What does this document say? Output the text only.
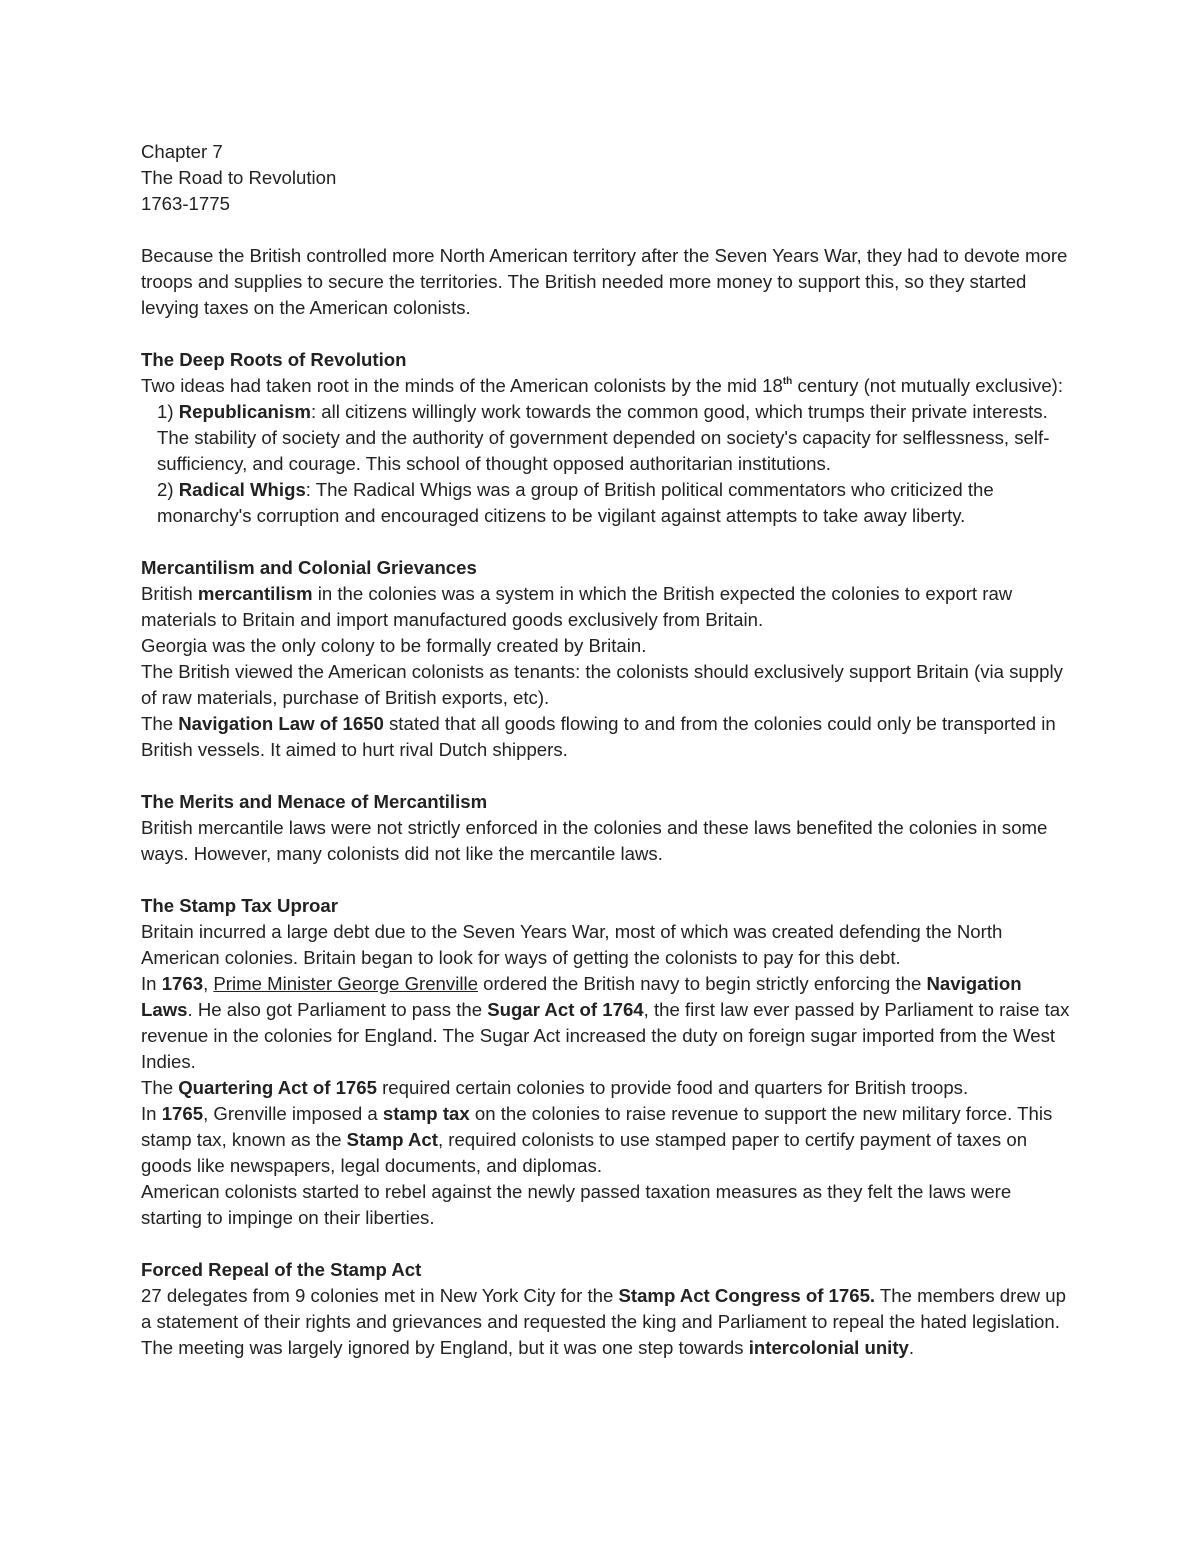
Chapter 7

The Road to Revolution

1763-1775

Because the British controlled more North American territory after the Seven Years War, they had to devote more troops and supplies to secure the territories. The British needed more money to support this, so they started levying taxes on the American colonists.

The Deep Roots of Revolution

Two ideas had taken root in the minds of the American colonists by the mid 18th century (not mutually exclusive):

1) Republicanism: all citizens willingly work towards the common good, which trumps their private interests. The stability of society and the authority of government depended on society's capacity for selflessness, self-sufficiency, and courage. This school of thought opposed authoritarian institutions.

2) Radical Whigs: The Radical Whigs was a group of British political commentators who criticized the monarchy's corruption and encouraged citizens to be vigilant against attempts to take away liberty.

Mercantilism and Colonial Grievances

British mercantilism in the colonies was a system in which the British expected the colonies to export raw materials to Britain and import manufactured goods exclusively from Britain.

Georgia was the only colony to be formally created by Britain.

The British viewed the American colonists as tenants: the colonists should exclusively support Britain (via supply of raw materials, purchase of British exports, etc).

The Navigation Law of 1650 stated that all goods flowing to and from the colonies could only be transported in British vessels. It aimed to hurt rival Dutch shippers.

The Merits and Menace of Mercantilism

British mercantile laws were not strictly enforced in the colonies and these laws benefited the colonies in some ways. However, many colonists did not like the mercantile laws.

The Stamp Tax Uproar

Britain incurred a large debt due to the Seven Years War, most of which was created defending the North American colonies. Britain began to look for ways of getting the colonists to pay for this debt.

In 1763, Prime Minister George Grenville ordered the British navy to begin strictly enforcing the Navigation Laws. He also got Parliament to pass the Sugar Act of 1764, the first law ever passed by Parliament to raise tax revenue in the colonies for England. The Sugar Act increased the duty on foreign sugar imported from the West Indies.

The Quartering Act of 1765 required certain colonies to provide food and quarters for British troops.

In 1765, Grenville imposed a stamp tax on the colonies to raise revenue to support the new military force. This stamp tax, known as the Stamp Act, required colonists to use stamped paper to certify payment of taxes on goods like newspapers, legal documents, and diplomas.

American colonists started to rebel against the newly passed taxation measures as they felt the laws were starting to impinge on their liberties.

Forced Repeal of the Stamp Act

27 delegates from 9 colonies met in New York City for the Stamp Act Congress of 1765. The members drew up a statement of their rights and grievances and requested the king and Parliament to repeal the hated legislation. The meeting was largely ignored by England, but it was one step towards intercolonial unity.
